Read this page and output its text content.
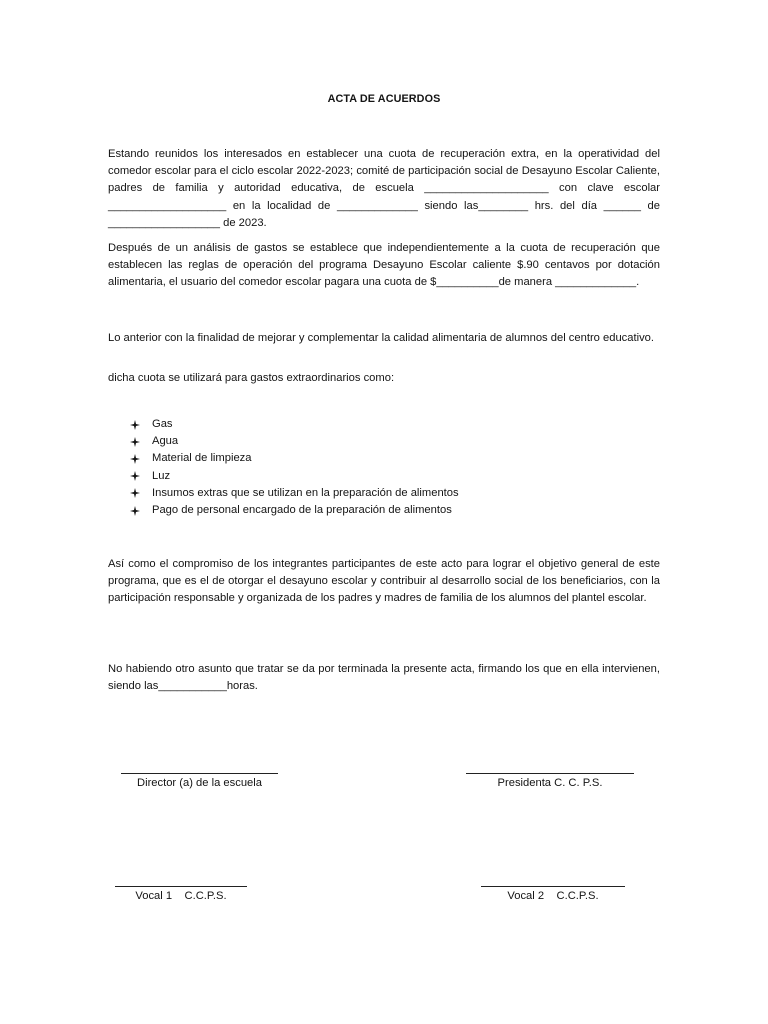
ACTA DE ACUERDOS

Estando reunidos los interesados en establecer una cuota de recuperación extra, en la operatividad del comedor escolar para el ciclo escolar 2022-2023; comité de participación social de Desayuno Escolar Caliente, padres de familia y autoridad educativa, de escuela ____________________ con clave escolar ___________________ en la localidad de _____________ siendo las________ hrs. del día ______ de __________________ de 2023.

Después de un análisis de gastos se establece que independientemente a la cuota de recuperación que establecen las reglas de operación del programa Desayuno Escolar caliente $.90 centavos por dotación alimentaria, el usuario del comedor escolar pagara una cuota de $__________de manera _____________.

Lo anterior con la finalidad de mejorar y complementar la calidad alimentaria de alumnos del centro educativo.

dicha cuota se utilizará para gastos extraordinarios como:

Gas
Agua
Material de limpieza
Luz
Insumos extras que se utilizan en la preparación de alimentos
Pago de personal encargado de la preparación de alimentos

Así como el compromiso de los integrantes participantes de este acto para lograr el objetivo general de este programa, que es el de otorgar el desayuno escolar y contribuir al desarrollo social de los beneficiarios, con la participación responsable y organizada de los padres y madres de familia de los alumnos del plantel escolar.

No habiendo otro asunto que tratar se da por terminada la presente acta, firmando los que en ella intervienen, siendo las___________horas.

Director (a) de la escuela	Presidenta C. C. P.S.
Vocal 1    C.C.P.S.	Vocal 2    C.C.P.S.
